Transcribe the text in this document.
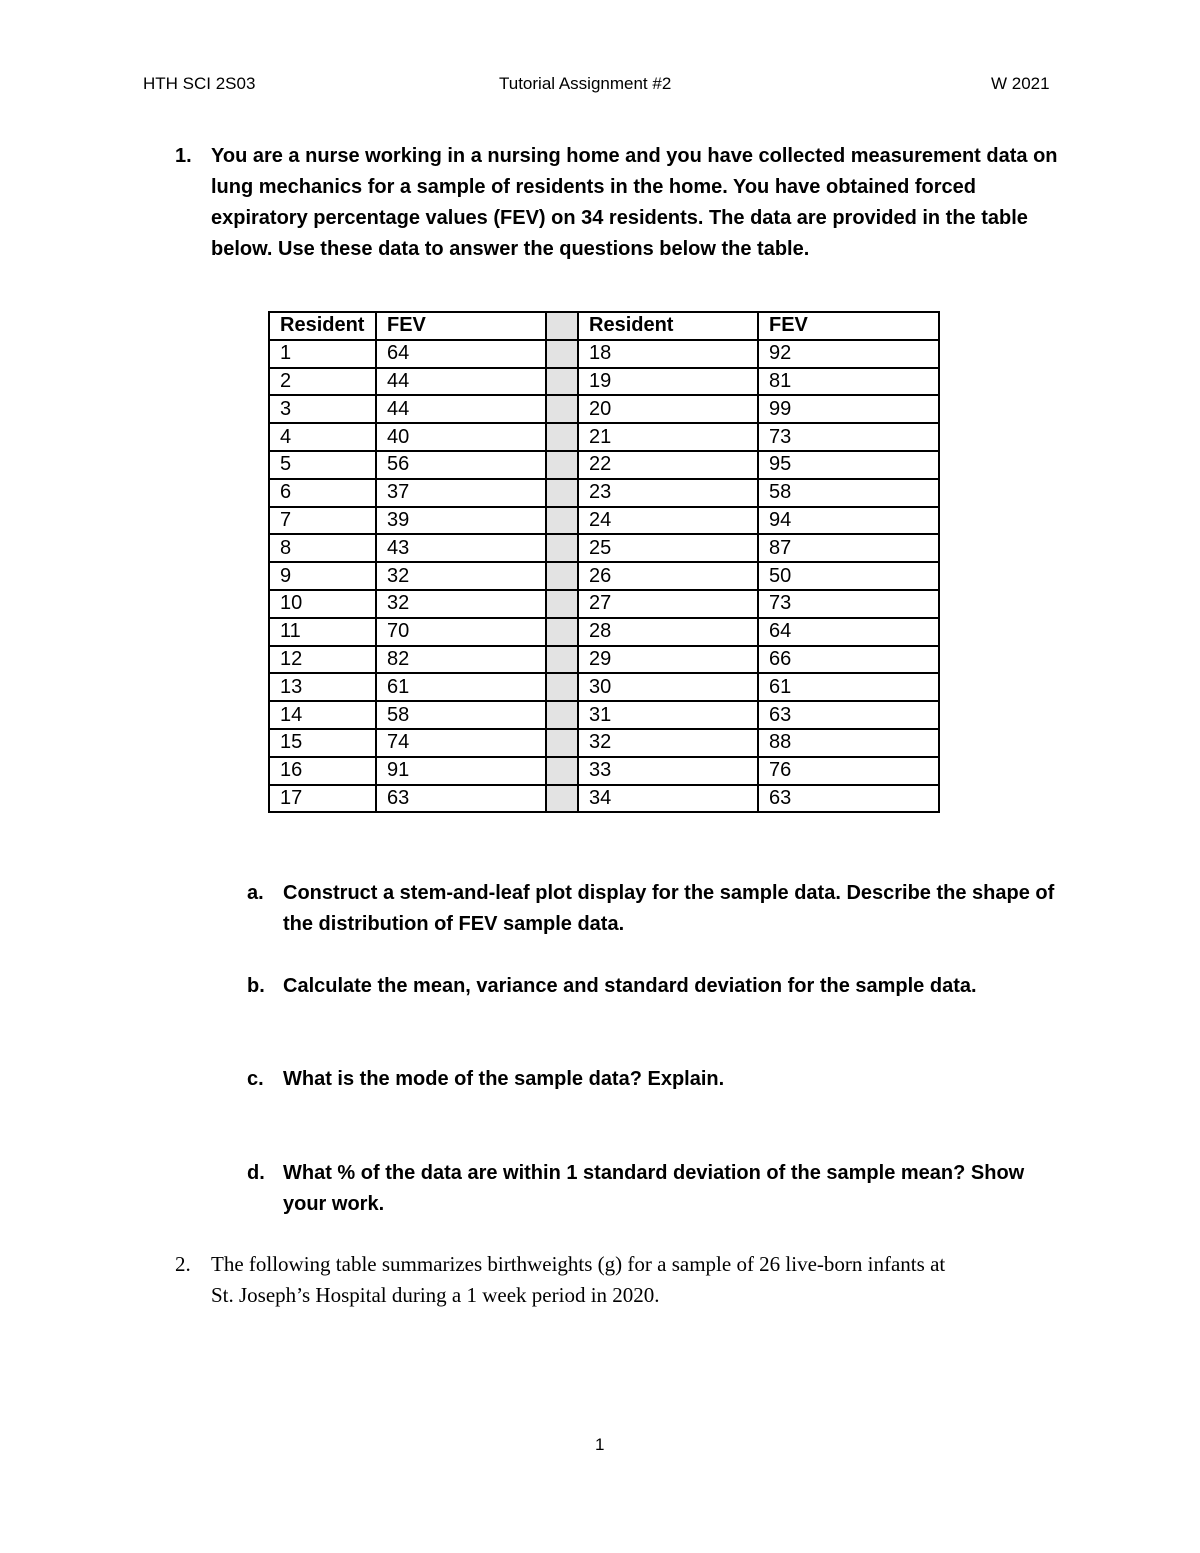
HTH SCI 2S03	Tutorial Assignment #2	W 2021
1. You are a nurse working in a nursing home and you have collected measurement data on
lung mechanics for a sample of residents in the home. You have obtained forced
expiratory percentage values (FEV) on 34 residents. The data are provided in the table
below. Use these data to answer the questions below the table.
Resident	FEV		Resident	FEV
1	64		18	92
2	44		19	81
3	44		20	99
4	40		21	73
5	56		22	95
6	37		23	58
7	39		24	94
8	43		25	87
9	32		26	50
10	32		27	73
11	70		28	64
12	82		29	66
13	61		30	61
14	58		31	63
15	74		32	88
16	91		33	76
17	63		34	63
a. Construct a stem-and-leaf plot display for the sample data. Describe the shape of
the distribution of FEV sample data.
b. Calculate the mean, variance and standard deviation for the sample data.
c. What is the mode of the sample data? Explain.
d. What % of the data are within 1 standard deviation of the sample mean? Show
your work.
2. The following table summarizes birthweights (g) for a sample of 26 live-born infants at
St. Joseph’s Hospital during a 1 week period in 2020.
1
